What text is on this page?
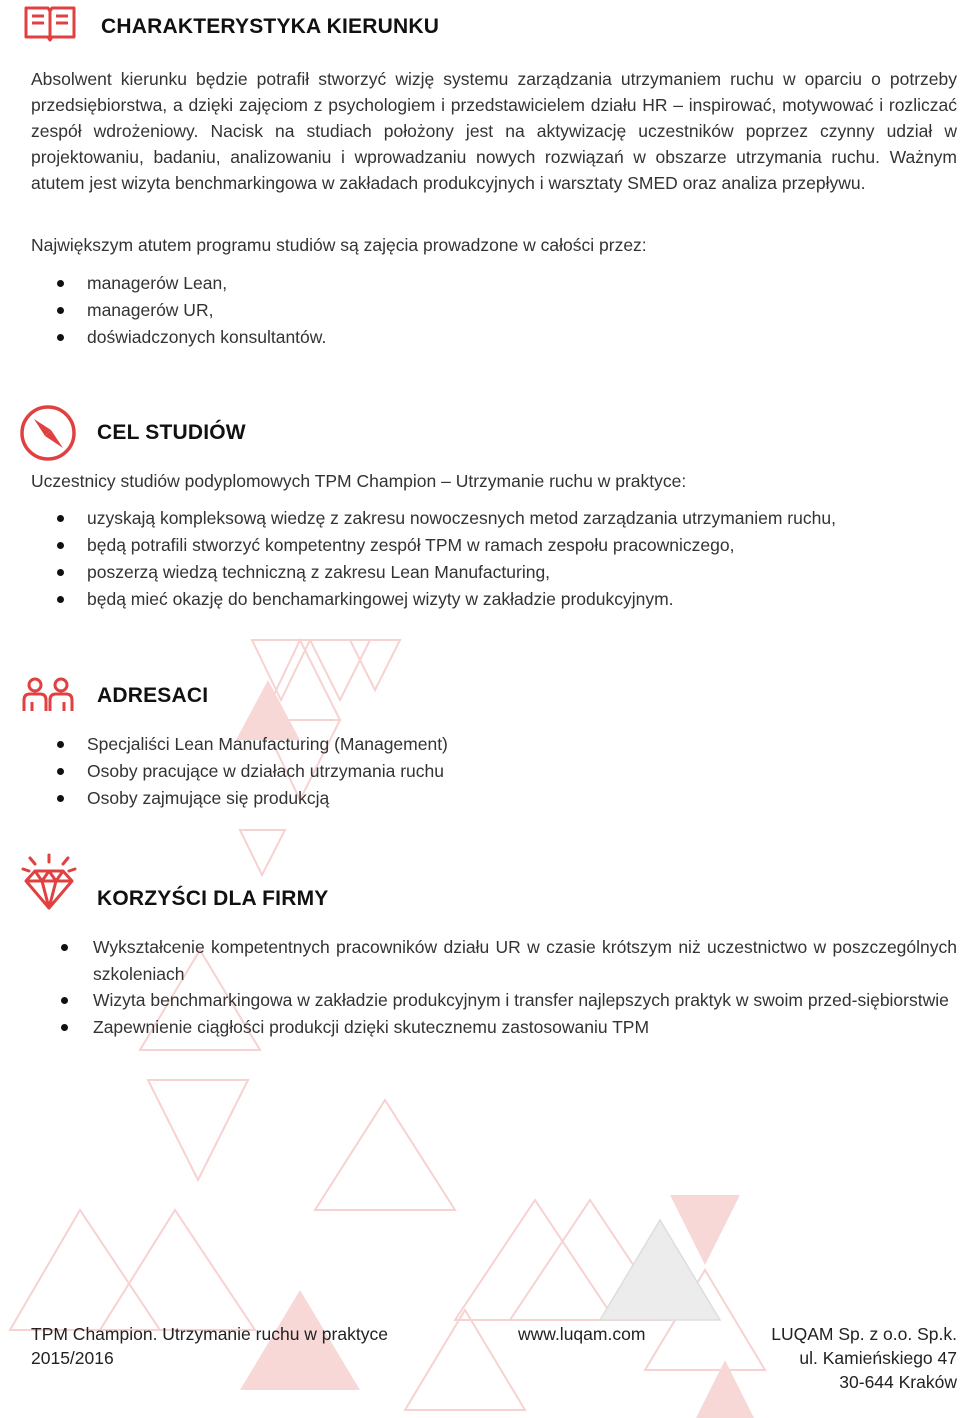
CHARAKTERYSTYKA KIERUNKU

Absolwent kierunku będzie potrafił stworzyć wizję systemu zarządzania utrzymaniem ruchu w oparciu o potrzeby przedsiębiorstwa, a dzięki zajęciom z psychologiem i przedstawicielem działu HR – inspirować, motywować i rozliczać zespół wdrożeniowy. Nacisk na studiach położony jest na aktywizację uczestników poprzez czynny udział w projektowaniu, badaniu, analizowaniu i wprowadzaniu nowych rozwiązań w obszarze utrzymania ruchu. Ważnym atutem jest wizyta benchmarkingowa w zakładach produkcyjnych i warsztaty SMED oraz analiza przepływu.

Największym atutem programu studiów są zajęcia prowadzone w całości przez:

managerów Lean,
managerów UR,
doświadczonych konsultantów.
CEL STUDIÓW

Uczestnicy studiów podyplomowych TPM Champion – Utrzymanie ruchu w praktyce:

uzyskają kompleksową wiedzę z zakresu nowoczesnych metod zarządzania utrzymaniem ruchu,
będą potrafili stworzyć kompetentny zespół TPM w ramach zespołu pracowniczego,
poszerzą wiedzą techniczną z zakresu Lean Manufacturing,
będą mieć okazję do benchamarkingowej wizyty w zakładzie produkcyjnym.
ADRESACI
Specjaliści Lean Manufacturing (Management)
Osoby pracujące w działach utrzymania ruchu
Osoby zajmujące się produkcją
KORZYŚCI DLA FIRMY
Wykształcenie kompetentnych pracowników działu UR w czasie krótszym niż uczestnictwo w poszczególnych szkoleniach
Wizyta benchmarkingowa w zakładzie produkcyjnym i transfer najlepszych praktyk w swoim przed-siębiorstwie
Zapewnienie ciągłości produkcji dzięki skutecznemu zastosowaniu TPM
TPM Champion. Utrzymanie ruchu w praktyce
2015/2016
www.luqam.com	LUQAM Sp. z o.o. Sp.k.
ul. Kamieńskiego 47
30-644 Kraków
